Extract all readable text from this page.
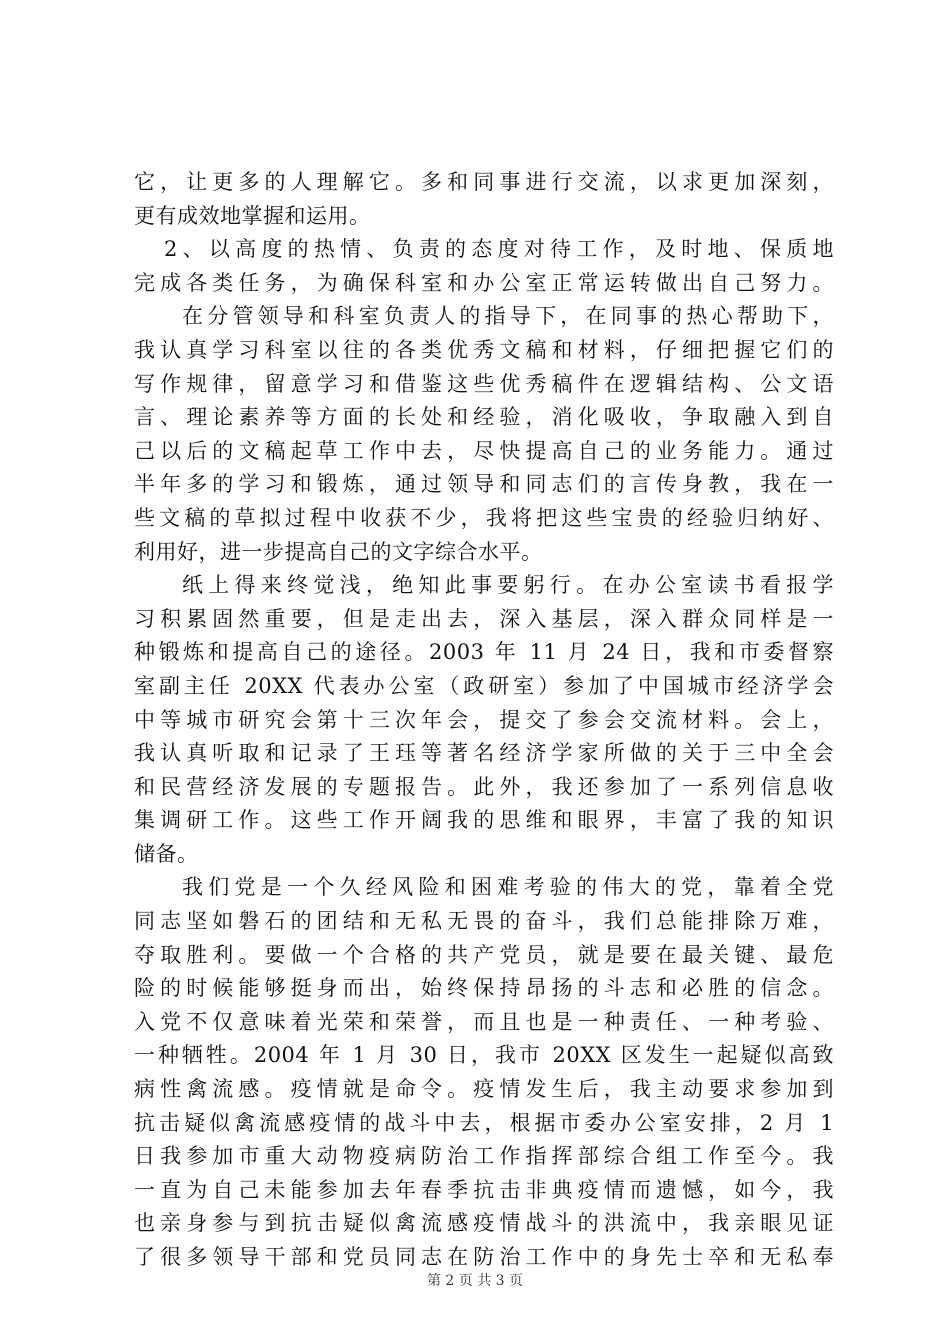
它，让更多的人理解它。多和同事进行交流，以求更加深刻，
更有成效地掌握和运用。
2、以高度的热情、负责的态度对待工作，及时地、保质地
完成各类任务，为确保科室和办公室正常运转做出自己努力。
在分管领导和科室负责人的指导下，在同事的热心帮助下，
我认真学习科室以往的各类优秀文稿和材料，仔细把握它们的
写作规律，留意学习和借鉴这些优秀稿件在逻辑结构、公文语
言、理论素养等方面的长处和经验，消化吸收，争取融入到自
己以后的文稿起草工作中去，尽快提高自己的业务能力。通过
半年多的学习和锻炼，通过领导和同志们的言传身教，我在一
些文稿的草拟过程中收获不少，我将把这些宝贵的经验归纳好、
利用好，进一步提高自己的文字综合水平。
纸上得来终觉浅，绝知此事要躬行。在办公室读书看报学
习积累固然重要，但是走出去，深入基层，深入群众同样是一
种锻炼和提高自己的途径。2003 年 11 月 24 日，我和市委督察
室副主任 20XX 代表办公室（政研室）参加了中国城市经济学会
中等城市研究会第十三次年会，提交了参会交流材料。会上，
我认真听取和记录了王珏等著名经济学家所做的关于三中全会
和民营经济发展的专题报告。此外，我还参加了一系列信息收
集调研工作。这些工作开阔我的思维和眼界，丰富了我的知识
储备。
我们党是一个久经风险和困难考验的伟大的党，靠着全党
同志坚如磐石的团结和无私无畏的奋斗，我们总能排除万难，
夺取胜利。要做一个合格的共产党员，就是要在最关键、最危
险的时候能够挺身而出，始终保持昂扬的斗志和必胜的信念。
入党不仅意味着光荣和荣誉，而且也是一种责任、一种考验、
一种牺牲。2004 年 1 月 30 日，我市 20XX 区发生一起疑似高致
病性禽流感。疫情就是命令。疫情发生后，我主动要求参加到
抗击疑似禽流感疫情的战斗中去，根据市委办公室安排，2 月 1
日我参加市重大动物疫病防治工作指挥部综合组工作至今。我
一直为自己未能参加去年春季抗击非典疫情而遗憾，如今，我
也亲身参与到抗击疑似禽流感疫情战斗的洪流中，我亲眼见证
了很多领导干部和党员同志在防治工作中的身先士卒和无私奉
第 2 页 共 3 页
